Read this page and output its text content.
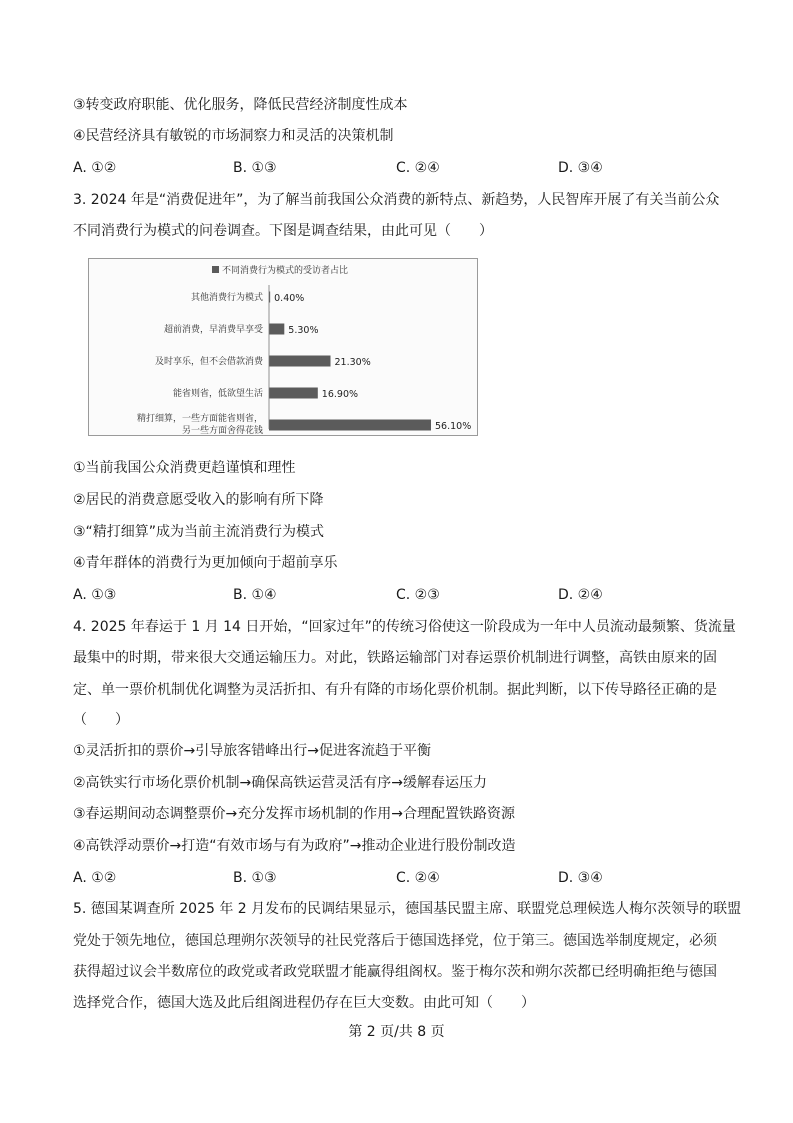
③转变政府职能、优化服务，降低民营经济制度性成本
④民营经济具有敏锐的市场洞察力和灵活的决策机制
A. ①②	B. ①③	C. ②④	D. ③④
3. 2024 年是“消费促进年”，为了解当前我国公众消费的新特点、新趋势，人民智库开展了有关当前公众
不同消费行为模式的问卷调查。下图是调查结果，由此可见（　　）
不同消费行为模式的受访者占比
其他消费行为模式 0.40%
超前消费，早消费早享受	5.30%
及时享乐，但不会借款消费	21.30%
能省则省，低欲望生活	16.90%
精打细算，一些方面能省则省，
另一些方面舍得花钱	56.10%
①当前我国公众消费更趋谨慎和理性
②居民的消费意愿受收入的影响有所下降
③“精打细算”成为当前主流消费行为模式
④青年群体的消费行为更加倾向于超前享乐
A. ①③	B. ①④	C. ②③	D. ②④
4. 2025 年春运于 1 月 14 日开始，“回家过年”的传统习俗使这一阶段成为一年中人员流动最频繁、货流量
最集中的时期，带来很大交通运输压力。对此，铁路运输部门对春运票价机制进行调整，高铁由原来的固
定、单一票价机制优化调整为灵活折扣、有升有降的市场化票价机制。据此判断，以下传导路径正确的是
（　　）
①灵活折扣的票价→引导旅客错峰出行→促进客流趋于平衡
②高铁实行市场化票价机制→确保高铁运营灵活有序→缓解春运压力
③春运期间动态调整票价→充分发挥市场机制的作用→合理配置铁路资源
④高铁浮动票价→打造“有效市场与有为政府”→推动企业进行股份制改造
A. ①②	B. ①③	C. ②④	D. ③④
5. 德国某调查所 2025 年 2 月发布的民调结果显示，德国基民盟主席、联盟党总理候选人梅尔茨领导的联盟
党处于领先地位，德国总理朔尔茨领导的社民党落后于德国选择党，位于第三。德国选举制度规定，必须
获得超过议会半数席位的政党或者政党联盟才能赢得组阁权。鉴于梅尔茨和朔尔茨都已经明确拒绝与德国
选择党合作，德国大选及此后组阁进程仍存在巨大变数。由此可知（　　）
第 2 页/共 8 页
